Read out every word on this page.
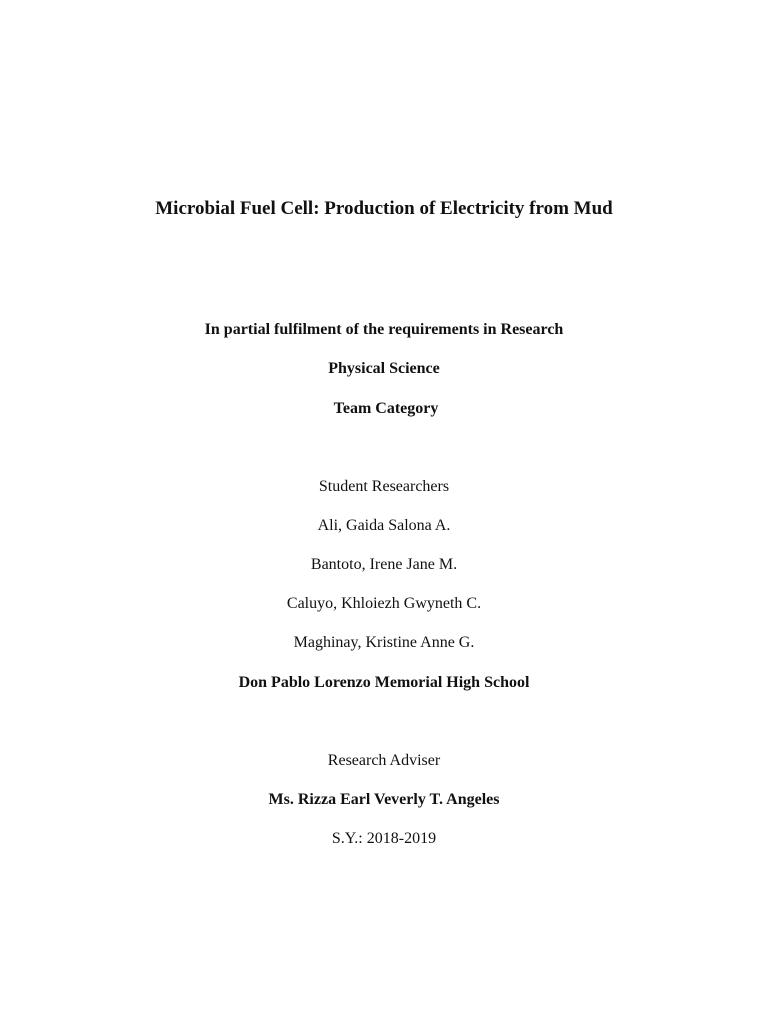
Microbial Fuel Cell: Production of Electricity from Mud
In partial fulfilment of the requirements in Research
Physical Science
Team Category
Student Researchers
Ali, Gaida Salona A.
Bantoto, Irene Jane M.
Caluyo, Khloiezh Gwyneth C.
Maghinay, Kristine Anne G.
Don Pablo Lorenzo Memorial High School
Research Adviser
Ms. Rizza Earl Veverly T. Angeles
S.Y.: 2018-2019
